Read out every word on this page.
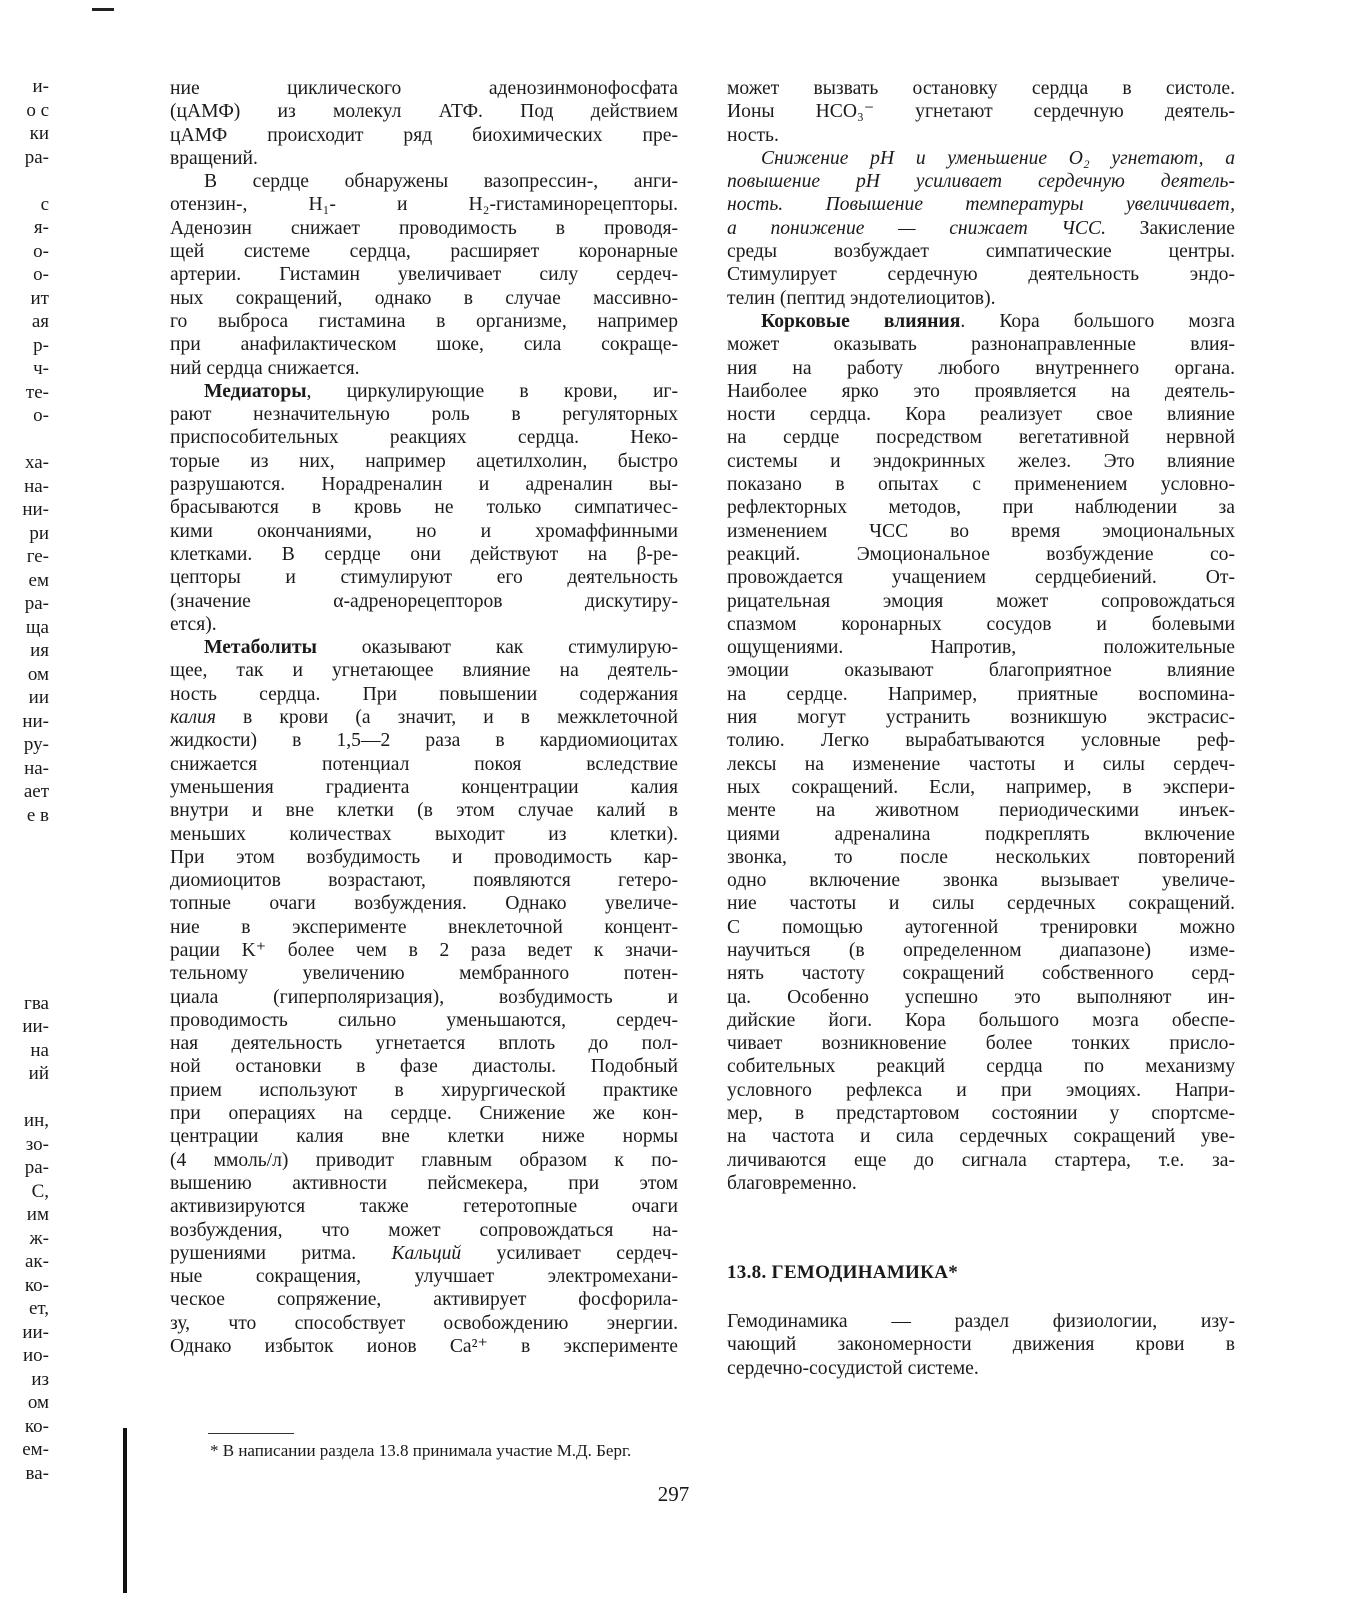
и-
о с
ки
ра-
с
я-
о-
о-
ит
ая
р-
ч-
те-
о-
ха-
на-
ни-
ри
ге-
ем
ра-
ща
ия
ом
ии
ни-
ру-
на-
ает
е в
гва
ии-
на
ий
ин,
зо-
ра-
С,
им
ж-
ак-
ко-
ет,
ии-
ио-
из
ом
ко-
ем-
ва-
ние циклического аденозинмонофосфата
(цАМФ) из молекул АТФ. Под действием
цАМФ происходит ряд биохимических пре-
вращений.
В сердце обнаружены вазопрессин-, анги-
отензин-, H₁- и H₂-гистаминорецепторы.
Аденозин снижает проводимость в проводя-
щей системе сердца, расширяет коронарные
артерии. Гистамин увеличивает силу сердеч-
ных сокращений, однако в случае массивно-
го выброса гистамина в организме, например
при анафилактическом шоке, сила сокраще-
ний сердца снижается.
Медиаторы, циркулирующие в крови, иг-
рают незначительную роль в регуляторных
приспособительных реакциях сердца. Неко-
торые из них, например ацетилхолин, быстро
разрушаются. Норадреналин и адреналин вы-
брасываются в кровь не только симпатичес-
кими окончаниями, но и хромаффинными
клетками. В сердце они действуют на β-ре-
цепторы и стимулируют его деятельность
(значение α-адренорецепторов дискутиру-
ется).
Метаболиты оказывают как стимулирую-
щее, так и угнетающее влияние на деятель-
ность сердца. При повышении содержания
калия в крови (а значит, и в межклеточной
жидкости) в 1,5—2 раза в кардиомиоцитах
снижается потенциал покоя вследствие
уменьшения градиента концентрации калия
внутри и вне клетки (в этом случае калий в
меньших количествах выходит из клетки).
При этом возбудимость и проводимость кар-
диомиоцитов возрастают, появляются гетеро-
топные очаги возбуждения. Однако увеличе-
ние в эксперименте внеклеточной концент-
рации K⁺ более чем в 2 раза ведет к значи-
тельному увеличению мембранного потен-
циала (гиперполяризация), возбудимость и
проводимость сильно уменьшаются, сердеч-
ная деятельность угнетается вплоть до пол-
ной остановки в фазе диастолы. Подобный
прием используют в хирургической практике
при операциях на сердце. Снижение же кон-
центрации калия вне клетки ниже нормы
(4 ммоль/л) приводит главным образом к по-
вышению активности пейсмекера, при этом
активизируются также гетеротопные очаги
возбуждения, что может сопровождаться на-
рушениями ритма. Кальций усиливает сердеч-
ные сокращения, улучшает электромехани-
ческое сопряжение, активирует фосфорила-
зу, что способствует освобождению энергии.
Однако избыток ионов Ca²⁺ в эксперименте
может вызвать остановку сердца в систоле.
Ионы HCO₃⁻ угнетают сердечную деятель-
ность.
Снижение pH и уменьшение O₂ угнетают, а
повышение pH усиливает сердечную деятель-
ность. Повышение температуры увеличивает,
а понижение — снижает ЧСС. Закисление
среды возбуждает симпатические центры.
Стимулирует сердечную деятельность эндо-
телин (пептид эндотелиоцитов).
Корковые влияния. Кора большого мозга
может оказывать разнонаправленные влия-
ния на работу любого внутреннего органа.
Наиболее ярко это проявляется на деятель-
ности сердца. Кора реализует свое влияние
на сердце посредством вегетативной нервной
системы и эндокринных желез. Это влияние
показано в опытах с применением условно-
рефлекторных методов, при наблюдении за
изменением ЧСС во время эмоциональных
реакций. Эмоциональное возбуждение со-
провождается учащением сердцебиений. От-
рицательная эмоция может сопровождаться
спазмом коронарных сосудов и болевыми
ощущениями. Напротив, положительные
эмоции оказывают благоприятное влияние
на сердце. Например, приятные воспомина-
ния могут устранить возникшую экстрасис-
толию. Легко вырабатываются условные реф-
лексы на изменение частоты и силы сердеч-
ных сокращений. Если, например, в экспери-
менте на животном периодическими инъек-
циями адреналина подкреплять включение
звонка, то после нескольких повторений
одно включение звонка вызывает увеличе-
ние частоты и силы сердечных сокращений.
С помощью аутогенной тренировки можно
научиться (в определенном диапазоне) изме-
нять частоту сокращений собственного серд-
ца. Особенно успешно это выполняют ин-
дийские йоги. Кора большого мозга обеспе-
чивает возникновение более тонких присло-
собительных реакций сердца по механизму
условного рефлекса и при эмоциях. Напри-
мер, в предстартовом состоянии у спортсме-
на частота и сила сердечных сокращений уве-
личиваются еще до сигнала стартера, т.е. за-
благовременно.
13.8. ГЕМОДИНАМИКА*
Гемодинамика — раздел физиологии, изу-
чающий закономерности движения крови в
сердечно-сосудистой системе.
* В написании раздела 13.8 принимала участие М.Д. Берг.
297
